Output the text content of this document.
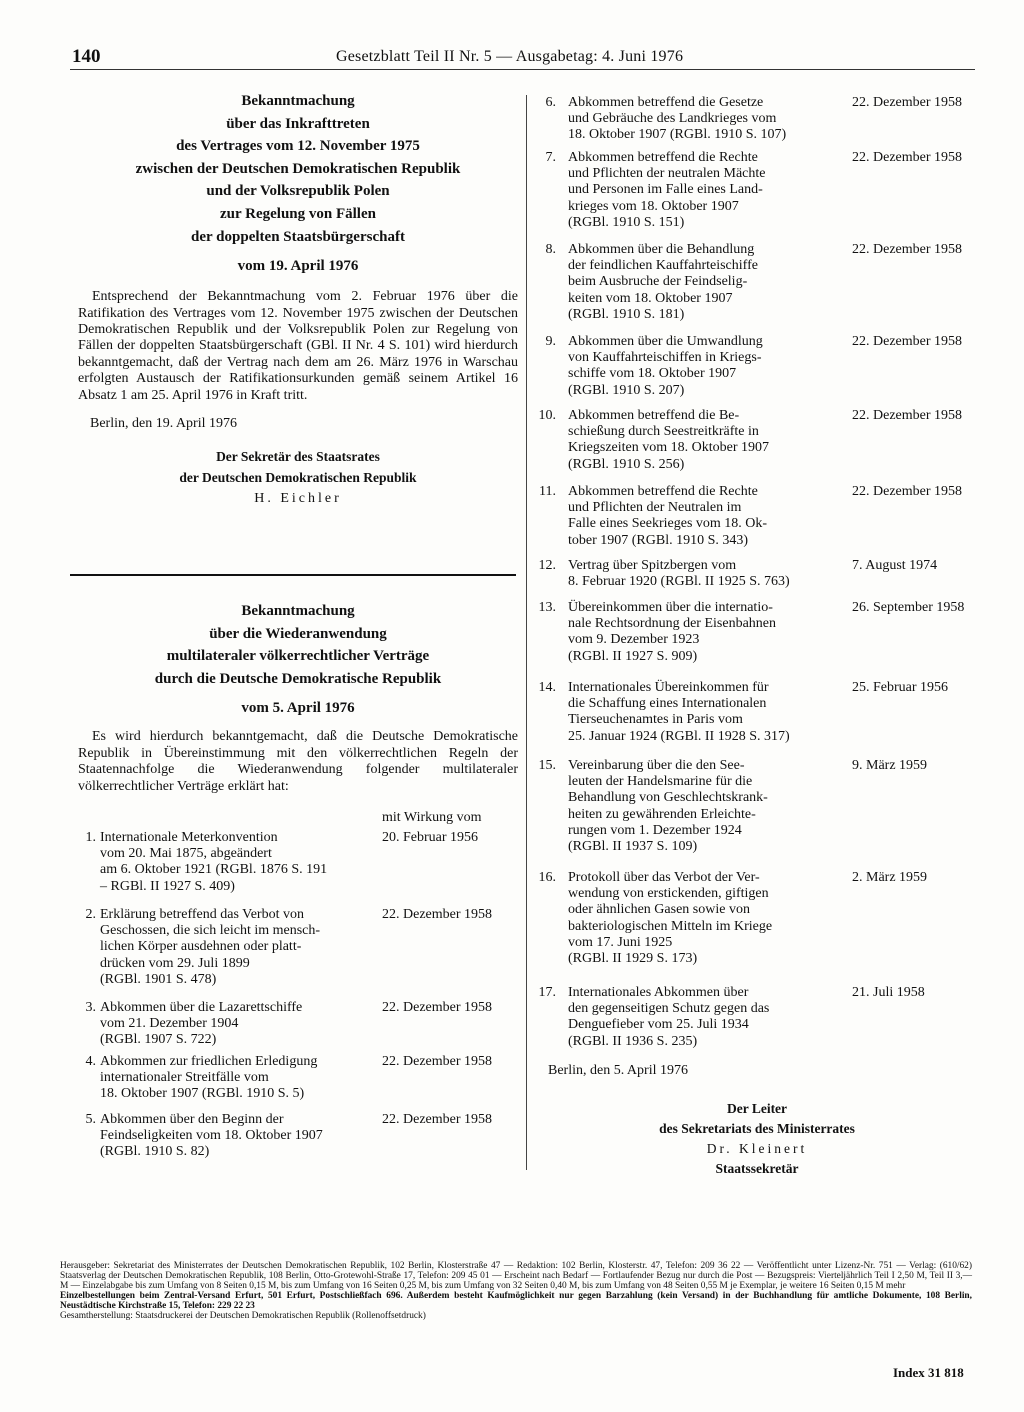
140	Gesetzblatt Teil II Nr. 5 — Ausgabetag: 4. Juni 1976
Bekanntmachung
über das Inkrafttreten
des Vertrages vom 12. November 1975
zwischen der Deutschen Demokratischen Republik
und der Volksrepublik Polen
zur Regelung von Fällen
der doppelten Staatsbürgerschaft
vom 19. April 1976
Entsprechend der Bekanntmachung vom 2. Februar 1976 über die Ratifikation des Vertrages vom 12. November 1975 zwischen der Deutschen Demokratischen Republik und der Volksrepublik Polen zur Regelung von Fällen der doppelten Staatsbürgerschaft (GBl. II Nr. 4 S. 101) wird hierdurch bekanntgemacht, daß der Vertrag nach dem am 26. März 1976 in Warschau erfolgten Austausch der Ratifikationsurkunden gemäß seinem Artikel 16 Absatz 1 am 25. April 1976 in Kraft tritt.
Berlin, den 19. April 1976
Der Sekretär des Staatsrates
der Deutschen Demokratischen Republik
H. Eichler
Bekanntmachung
über die Wiederanwendung
multilateraler völkerrechtlicher Verträge
durch die Deutsche Demokratische Republik
vom 5. April 1976
Es wird hierdurch bekanntgemacht, daß die Deutsche Demokratische Republik in Übereinstimmung mit den völkerrechtlichen Regeln der Staatennachfolge die Wiederanwendung folgender multilateraler völkerrechtlicher Verträge erklärt hat:
mit Wirkung vom
1. Internationale Meterkonvention
vom 20. Mai 1875, abgeändert
am 6. Oktober 1921 (RGBl. 1876 S. 191
– RGBl. II 1927 S. 409)
20. Februar 1956
2. Erklärung betreffend das Verbot von
Geschossen, die sich leicht im mensch-
lichen Körper ausdehnen oder platt-
drücken vom 29. Juli 1899
(RGBl. 1901 S. 478)
22. Dezember 1958
3. Abkommen über die Lazarettschiffe
vom 21. Dezember 1904
(RGBl. 1907 S. 722)
22. Dezember 1958
4. Abkommen zur friedlichen Erledigung
internationaler Streitfälle vom
18. Oktober 1907 (RGBl. 1910 S. 5)
22. Dezember 1958
5. Abkommen über den Beginn der
Feindseligkeiten vom 18. Oktober 1907
(RGBl. 1910 S. 82)
22. Dezember 1958
6. Abkommen betreffend die Gesetze
und Gebräuche des Landkrieges vom
18. Oktober 1907 (RGBl. 1910 S. 107)
22. Dezember 1958
7. Abkommen betreffend die Rechte
und Pflichten der neutralen Mächte
und Personen im Falle eines Land-
krieges vom 18. Oktober 1907
(RGBl. 1910 S. 151)
22. Dezember 1958
8. Abkommen über die Behandlung
der feindlichen Kauffahrteischiffe
beim Ausbruche der Feindselig-
keiten vom 18. Oktober 1907
(RGBl. 1910 S. 181)
22. Dezember 1958
9. Abkommen über die Umwandlung
von Kauffahrteischiffen in Kriegs-
schiffe vom 18. Oktober 1907
(RGBl. 1910 S. 207)
22. Dezember 1958
10. Abkommen betreffend die Be-
schießung durch Seestreitkräfte in
Kriegszeiten vom 18. Oktober 1907
(RGBl. 1910 S. 256)
22. Dezember 1958
11. Abkommen betreffend die Rechte
und Pflichten der Neutralen im
Falle eines Seekrieges vom 18. Ok-
tober 1907 (RGBl. 1910 S. 343)
22. Dezember 1958
12. Vertrag über Spitzbergen vom
8. Februar 1920 (RGBl. II 1925 S. 763)
7. August 1974
13. Übereinkommen über die internatio-
nale Rechtsordnung der Eisenbahnen
vom 9. Dezember 1923
(RGBl. II 1927 S. 909)
26. September 1958
14. Internationales Übereinkommen für
die Schaffung eines Internationalen
Tierseuchenamtes in Paris vom
25. Januar 1924 (RGBl. II 1928 S. 317)
25. Februar 1956
15. Vereinbarung über die den See-
leuten der Handelsmarine für die
Behandlung von Geschlechtskrank-
heiten zu gewährenden Erleichte-
rungen vom 1. Dezember 1924
(RGBl. II 1937 S. 109)
9. März 1959
16. Protokoll über das Verbot der Ver-
wendung von erstickenden, giftigen
oder ähnlichen Gasen sowie von
bakteriologischen Mitteln im Kriege
vom 17. Juni 1925
(RGBl. II 1929 S. 173)
2. März 1959
17. Internationales Abkommen über
den gegenseitigen Schutz gegen das
Denguefieber vom 25. Juli 1934
(RGBl. II 1936 S. 235)
21. Juli 1958
Berlin, den 5. April 1976
Der Leiter
des Sekretariats des Ministerrates
Dr. Kleinert
Staatssekretär
Herausgeber: Sekretariat des Ministerrates der Deutschen Demokratischen Republik, 102 Berlin, Klosterstraße 47 — Redaktion: 102 Berlin, Klosterstr. 47, Telefon: 209 36 22 — Veröffentlicht unter Lizenz-Nr. 751 — Verlag: (610/62) Staatsverlag der Deutschen Demokratischen Republik, 108 Berlin, Otto-Grotewohl-Straße 17, Telefon: 209 45 01 — Erscheint nach Bedarf — Fortlaufender Bezug nur durch die Post — Bezugspreis: Vierteljährlich Teil I 2,50 M, Teil II 3,— M — Einzelabgabe bis zum Umfang von 8 Seiten 0,15 M, bis zum Umfang von 16 Seiten 0,25 M, bis zum Umfang von 32 Seiten 0,40 M, bis zum Umfang von 48 Seiten 0,55 M je Exemplar, je weitere 16 Seiten 0,15 M mehr
Einzelbestellungen beim Zentral-Versand Erfurt, 501 Erfurt, Postschließfach 696. Außerdem besteht Kaufmöglichkeit nur gegen Barzahlung (kein Versand) in der Buchhandlung für amtliche Dokumente, 108 Berlin, Neustädtische Kirchstraße 15, Telefon: 229 22 23
Gesamtherstellung: Staatsdruckerei der Deutschen Demokratischen Republik (Rollenoffsetdruck)
Index 31 818
